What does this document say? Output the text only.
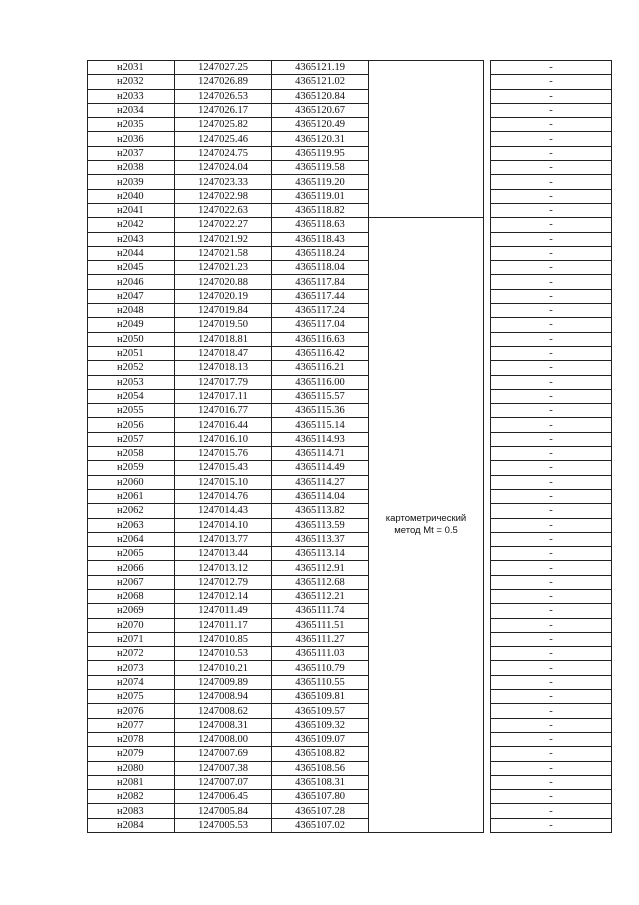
н2031	1247027.25	4365121.19			-
н2032	1247026.89	4365121.02			-
н2033	1247026.53	4365120.84			-
н2034	1247026.17	4365120.67			-
н2035	1247025.82	4365120.49			-
н2036	1247025.46	4365120.31			-
н2037	1247024.75	4365119.95			-
н2038	1247024.04	4365119.58			-
н2039	1247023.33	4365119.20			-
н2040	1247022.98	4365119.01			-
н2041	1247022.63	4365118.82			-
н2042	1247022.27	4365118.63	картометрический
метод Mt = 0.5		-
н2043	1247021.92	4365118.43			-
н2044	1247021.58	4365118.24			-
н2045	1247021.23	4365118.04			-
н2046	1247020.88	4365117.84			-
н2047	1247020.19	4365117.44			-
н2048	1247019.84	4365117.24			-
н2049	1247019.50	4365117.04			-
н2050	1247018.81	4365116.63			-
н2051	1247018.47	4365116.42			-
н2052	1247018.13	4365116.21			-
н2053	1247017.79	4365116.00			-
н2054	1247017.11	4365115.57			-
н2055	1247016.77	4365115.36			-
н2056	1247016.44	4365115.14			-
н2057	1247016.10	4365114.93			-
н2058	1247015.76	4365114.71			-
н2059	1247015.43	4365114.49			-
н2060	1247015.10	4365114.27			-
н2061	1247014.76	4365114.04			-
н2062	1247014.43	4365113.82			-
н2063	1247014.10	4365113.59			-
н2064	1247013.77	4365113.37			-
н2065	1247013.44	4365113.14			-
н2066	1247013.12	4365112.91			-
н2067	1247012.79	4365112.68			-
н2068	1247012.14	4365112.21			-
н2069	1247011.49	4365111.74			-
н2070	1247011.17	4365111.51			-
н2071	1247010.85	4365111.27			-
н2072	1247010.53	4365111.03			-
н2073	1247010.21	4365110.79			-
н2074	1247009.89	4365110.55			-
н2075	1247008.94	4365109.81			-
н2076	1247008.62	4365109.57			-
н2077	1247008.31	4365109.32			-
н2078	1247008.00	4365109.07			-
н2079	1247007.69	4365108.82			-
н2080	1247007.38	4365108.56			-
н2081	1247007.07	4365108.31			-
н2082	1247006.45	4365107.80			-
н2083	1247005.84	4365107.28			-
н2084	1247005.53	4365107.02			-
